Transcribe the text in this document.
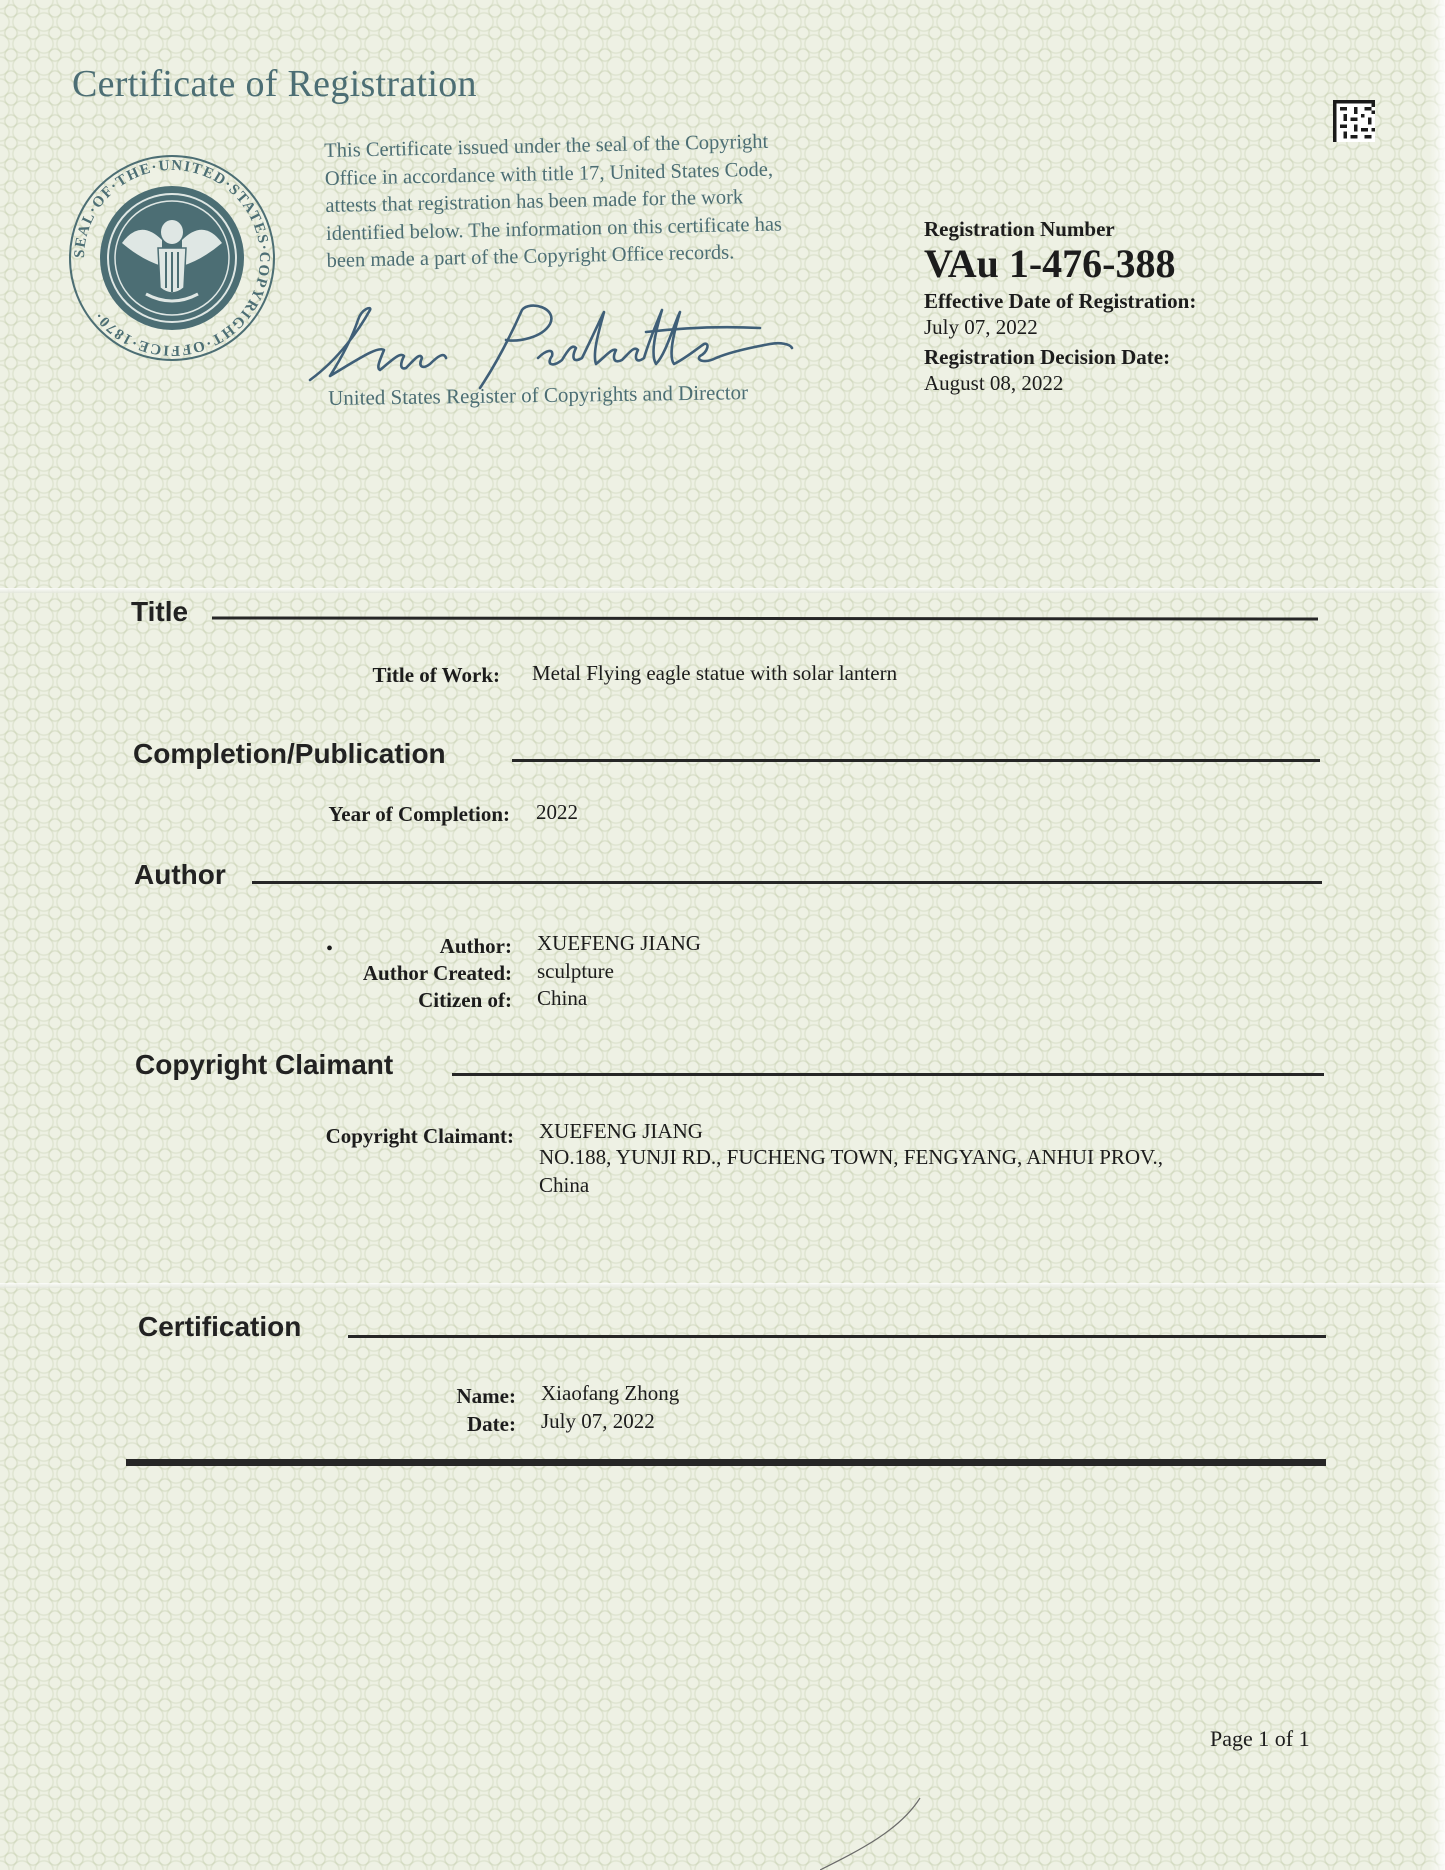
Certificate of Registration
SEAL·OF·THE·UNITED·STATES·COPYRIGHT·OFFICE·1870·
This Certificate issued under the seal of the Copyright
Office in accordance with title 17, United States Code,
attests that registration has been made for the work
identified below. The information on this certificate has
been made a part of the Copyright Office records.
United States Register of Copyrights and Director
Registration Number
VAu 1-476-388
Effective Date of Registration:
July 07, 2022
Registration Decision Date:
August 08, 2022
Title
Title of Work: Metal Flying eagle statue with solar lantern
Completion/Publication
Year of Completion: 2022
Author
•	Author: XUEFENG JIANG
Author Created: sculpture
Citizen of: China
Copyright Claimant
Copyright Claimant: XUEFENG JIANG
NO.188, YUNJI RD., FUCHENG TOWN, FENGYANG, ANHUI PROV.,
China
Certification
Name: Xiaofang Zhong
Date: July 07, 2022
Page 1 of 1
